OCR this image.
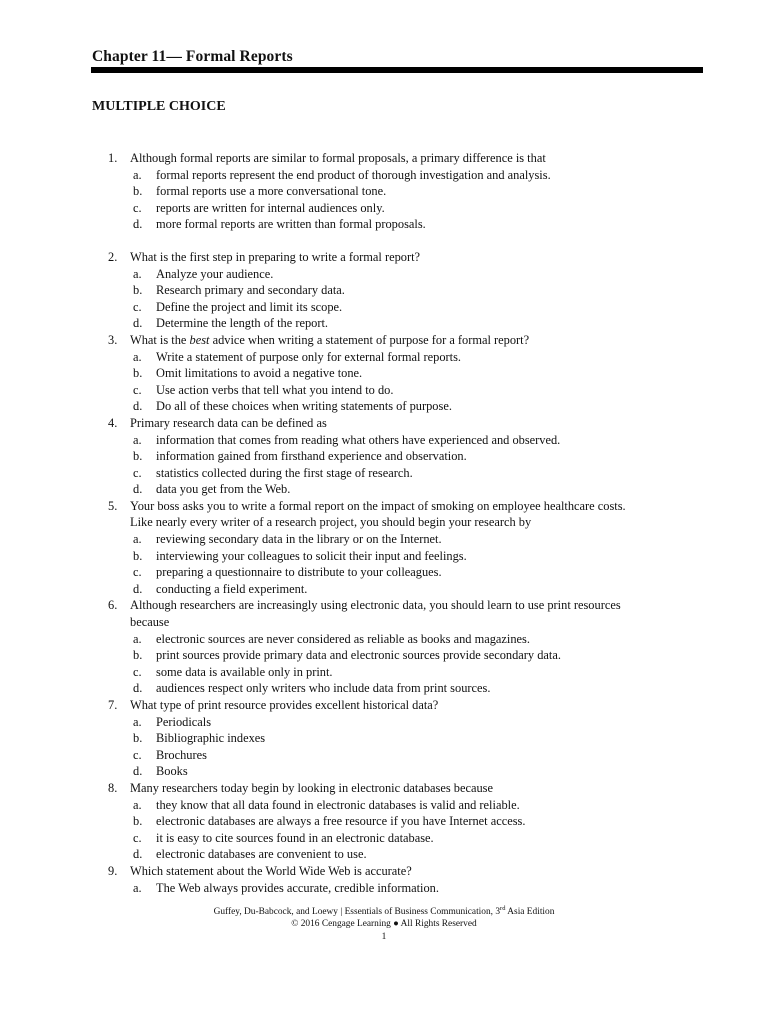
Chapter 11— Formal Reports
MULTIPLE CHOICE
1. Although formal reports are similar to formal proposals, a primary difference is that
a. formal reports represent the end product of thorough investigation and analysis.
b. formal reports use a more conversational tone.
c. reports are written for internal audiences only.
d. more formal reports are written than formal proposals.
2. What is the first step in preparing to write a formal report?
a. Analyze your audience.
b. Research primary and secondary data.
c. Define the project and limit its scope.
d. Determine the length of the report.
3. What is the best advice when writing a statement of purpose for a formal report?
a. Write a statement of purpose only for external formal reports.
b. Omit limitations to avoid a negative tone.
c. Use action verbs that tell what you intend to do.
d. Do all of these choices when writing statements of purpose.
4. Primary research data can be defined as
a. information that comes from reading what others have experienced and observed.
b. information gained from firsthand experience and observation.
c. statistics collected during the first stage of research.
d. data you get from the Web.
5. Your boss asks you to write a formal report on the impact of smoking on employee healthcare costs.
Like nearly every writer of a research project, you should begin your research by
a. reviewing secondary data in the library or on the Internet.
b. interviewing your colleagues to solicit their input and feelings.
c. preparing a questionnaire to distribute to your colleagues.
d. conducting a field experiment.
6. Although researchers are increasingly using electronic data, you should learn to use print resources
because
a. electronic sources are never considered as reliable as books and magazines.
b. print sources provide primary data and electronic sources provide secondary data.
c. some data is available only in print.
d. audiences respect only writers who include data from print sources.
7. What type of print resource provides excellent historical data?
a. Periodicals
b. Bibliographic indexes
c. Brochures
d. Books
8. Many researchers today begin by looking in electronic databases because
a. they know that all data found in electronic databases is valid and reliable.
b. electronic databases are always a free resource if you have Internet access.
c. it is easy to cite sources found in an electronic database.
d. electronic databases are convenient to use.
9. Which statement about the World Wide Web is accurate?
a. The Web always provides accurate, credible information.
Guffey, Du-Babcock, and Loewy | Essentials of Business Communication, 3rd Asia Edition
© 2016 Cengage Learning ● All Rights Reserved
1
